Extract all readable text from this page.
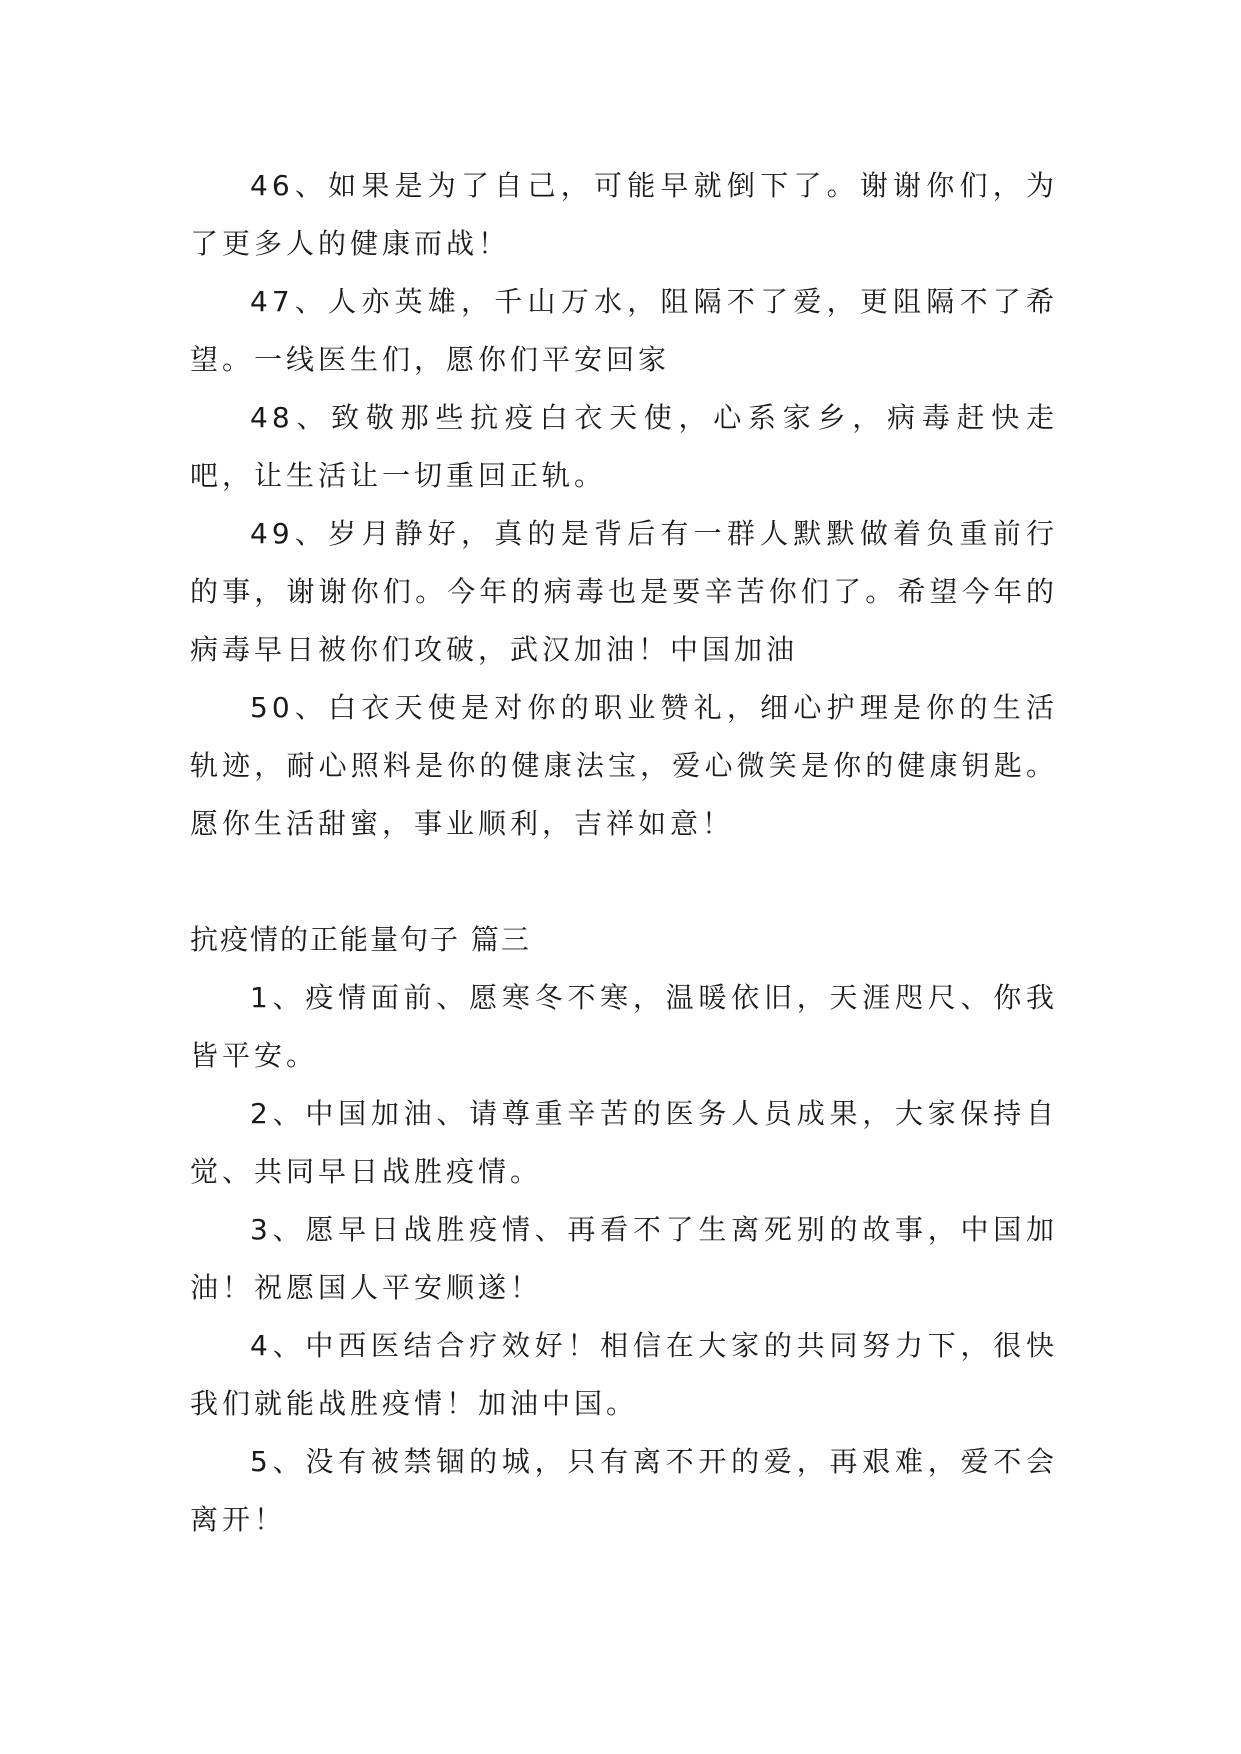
46、如果是为了自己，可能早就倒下了。谢谢你们，为了更多人的健康而战！

47、人亦英雄，千山万水，阻隔不了爱，更阻隔不了希望。一线医生们，愿你们平安回家

48、致敬那些抗疫白衣天使，心系家乡，病毒赶快走吧，让生活让一切重回正轨。

49、岁月静好，真的是背后有一群人默默做着负重前行的事，谢谢你们。今年的病毒也是要辛苦你们了。希望今年的病毒早日被你们攻破，武汉加油！中国加油

50、白衣天使是对你的职业赞礼，细心护理是你的生活轨迹，耐心照料是你的健康法宝，爱心微笑是你的健康钥匙。愿你生活甜蜜，事业顺利，吉祥如意！

抗疫情的正能量句子 篇三

1、疫情面前、愿寒冬不寒，温暖依旧，天涯咫尺、你我皆平安。

2、中国加油、请尊重辛苦的医务人员成果，大家保持自觉、共同早日战胜疫情。

3、愿早日战胜疫情、再看不了生离死别的故事，中国加油！祝愿国人平安顺遂！

4、中西医结合疗效好！相信在大家的共同努力下，很快我们就能战胜疫情！加油中国。

5、没有被禁锢的城，只有离不开的爱，再艰难，爱不会离开！
